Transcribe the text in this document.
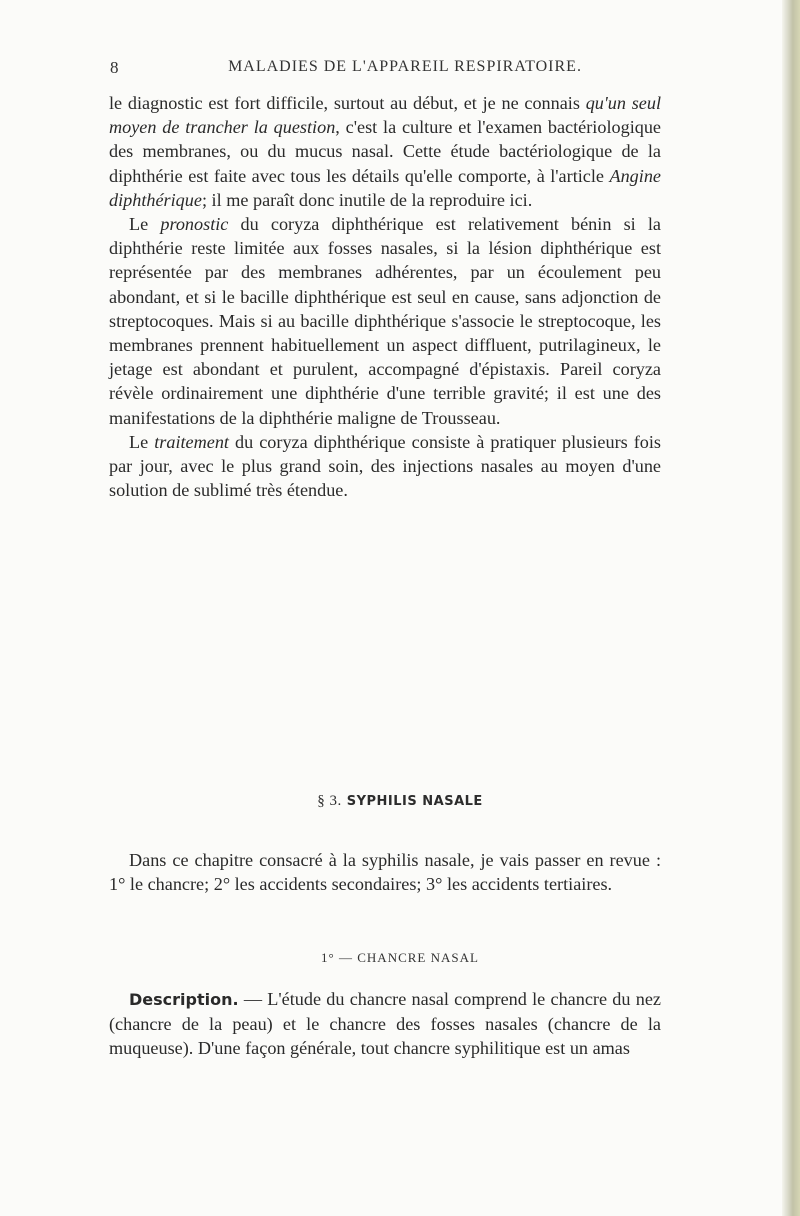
8	MALADIES DE L'APPAREIL RESPIRATOIRE.

le diagnostic est fort difficile, surtout au début, et je ne connais qu'un seul moyen de trancher la question, c'est la culture et l'examen bactériologique des membranes, ou du mucus nasal. Cette étude bactériologique de la diphthérie est faite avec tous les détails qu'elle comporte, à l'article Angine diphthérique; il me paraît donc inutile de la reproduire ici.

Le pronostic du coryza diphthérique est relativement bénin si la diphthérie reste limitée aux fosses nasales, si la lésion diphthérique est représentée par des membranes adhérentes, par un écoulement peu abondant, et si le bacille diphthérique est seul en cause, sans adjonction de streptocoques. Mais si au bacille diphthérique s'associe le streptocoque, les membranes prennent habituellement un aspect diffluent, putrilagineux, le jetage est abondant et purulent, accompagné d'épistaxis. Pareil coryza révèle ordinairement une diphthérie d'une terrible gravité; il est une des manifestations de la diphthérie maligne de Trousseau.

Le traitement du coryza diphthérique consiste à pratiquer plusieurs fois par jour, avec le plus grand soin, des injections nasales au moyen d'une solution de sublimé très étendue.

§ 3. SYPHILIS NASALE

Dans ce chapitre consacré à la syphilis nasale, je vais passer en revue : 1° le chancre; 2° les accidents secondaires; 3° les accidents tertiaires.

1° — CHANCRE NASAL

Description. — L'étude du chancre nasal comprend le chancre du nez (chancre de la peau) et le chancre des fosses nasales (chancre de la muqueuse). D'une façon générale, tout chancre syphilitique est un amas
